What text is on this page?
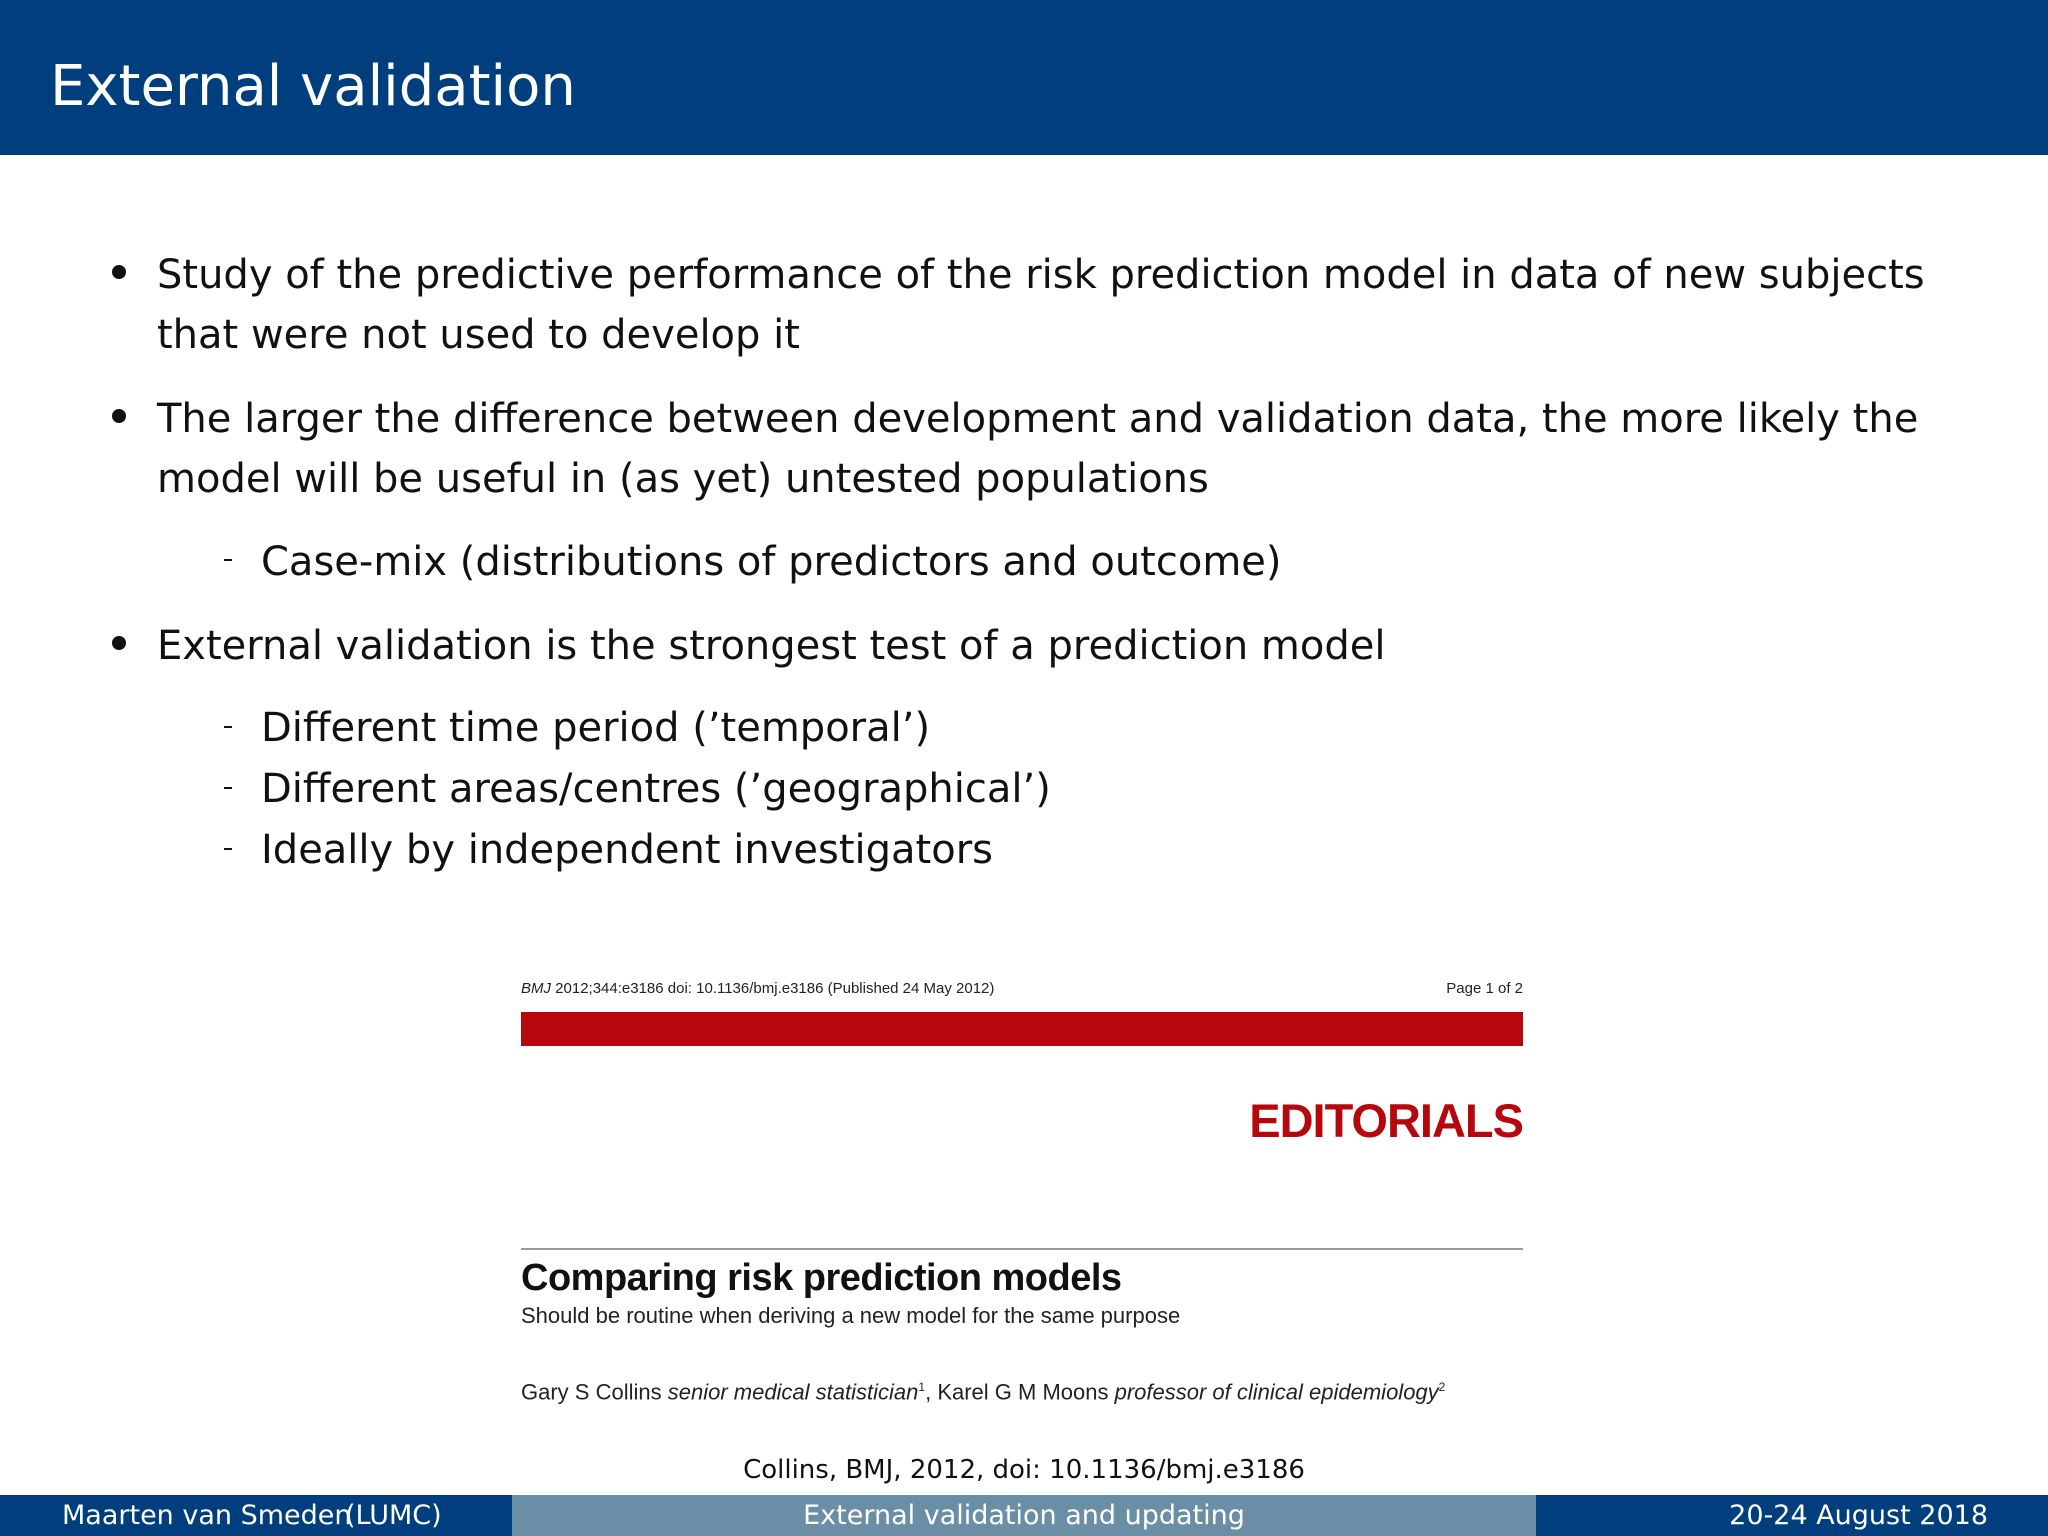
External validation
Study of the predictive performance of the risk prediction model in data of new subjects
that were not used to develop it
The larger the difference between development and validation data, the more likely the
model will be useful in (as yet) untested populations
Case-mix (distributions of predictors and outcome)
External validation is the strongest test of a prediction model
Different time period (’temporal’)
Different areas/centres (’geographical’)
Ideally by independent investigators
BMJ 2012;344:e3186 doi: 10.1136/bmj.e3186 (Published 24 May 2012)	Page 1 of 2
EDITORIALS
Comparing risk prediction models
Should be routine when deriving a new model for the same purpose
Gary S Collins senior medical statistician$^1$, Karel G M Moons professor of clinical epidemiology$^2$
Collins, BMJ, 2012, doi: 10.1136/bmj.e3186
Maarten van Smeden
(LUMC)	External validation and updating	20-24 August 2018
